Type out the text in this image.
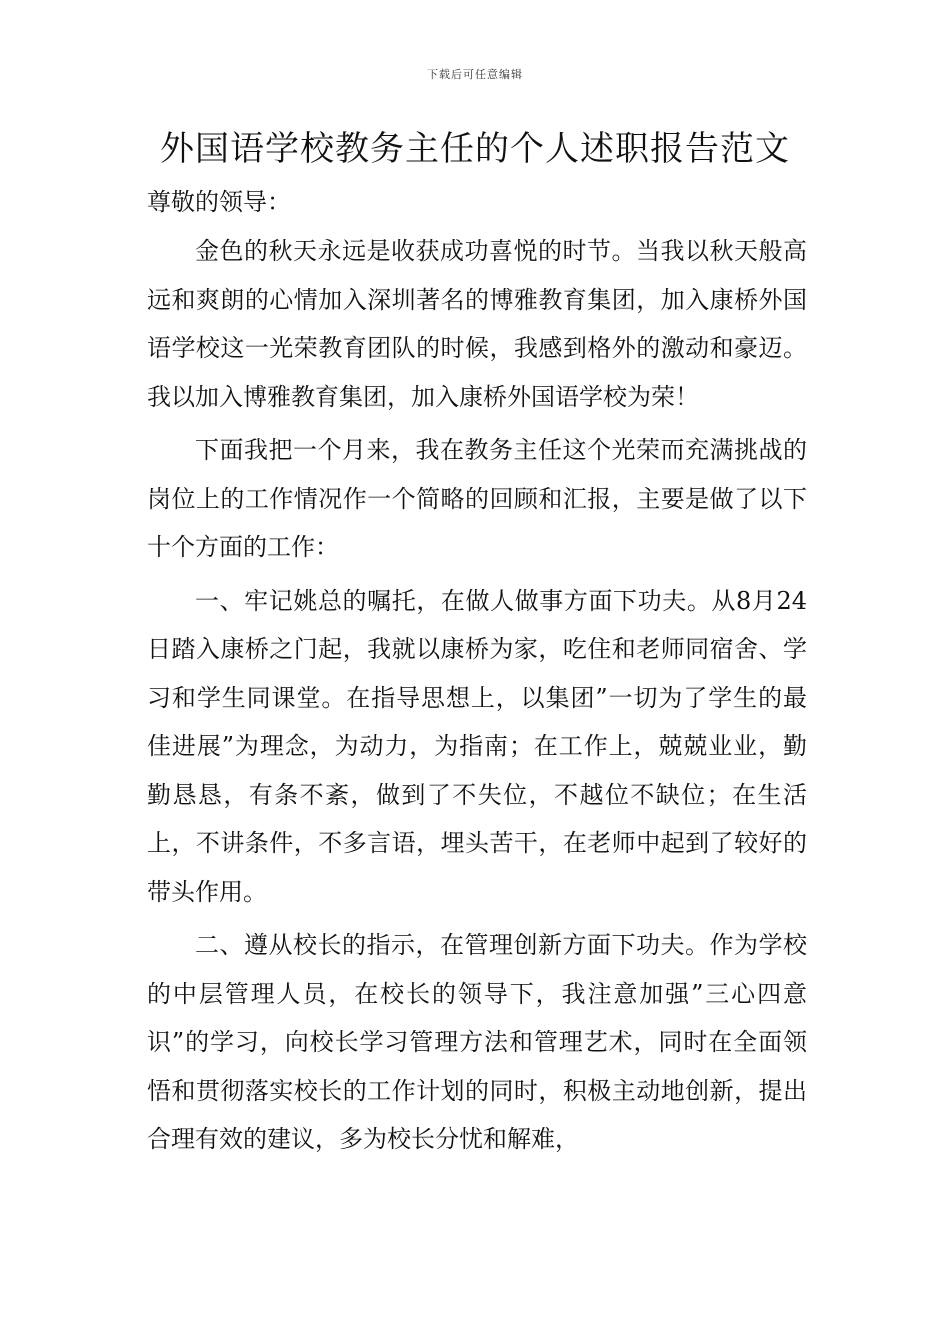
下载后可任意编辑
外国语学校教务主任的个人述职报告范文

尊敬的领导：

金色的秋天永远是收获成功喜悦的时节。当我以秋天般高远和爽朗的心情加入深圳著名的博雅教育集团，加入康桥外国语学校这一光荣教育团队的时候，我感到格外的激动和豪迈。我以加入博雅教育集团，加入康桥外国语学校为荣！

下面我把一个月来，我在教务主任这个光荣而充满挑战的岗位上的工作情况作一个简略的回顾和汇报，主要是做了以下十个方面的工作：

一、牢记姚总的嘱托，在做人做事方面下功夫。从8月24日踏入康桥之门起，我就以康桥为家，吃住和老师同宿舍、学习和学生同课堂。在指导思想上，以集团”一切为了学生的最佳进展”为理念，为动力，为指南；在工作上，兢兢业业，勤勤恳恳，有条不紊，做到了不失位，不越位不缺位；在生活上，不讲条件，不多言语，埋头苦干，在老师中起到了较好的带头作用。

二、遵从校长的指示，在管理创新方面下功夫。作为学校的中层管理人员，在校长的领导下，我注意加强”三心四意识”的学习，向校长学习管理方法和管理艺术，同时在全面领悟和贯彻落实校长的工作计划的同时，积极主动地创新，提出合理有效的建议，多为校长分忧和解难，
